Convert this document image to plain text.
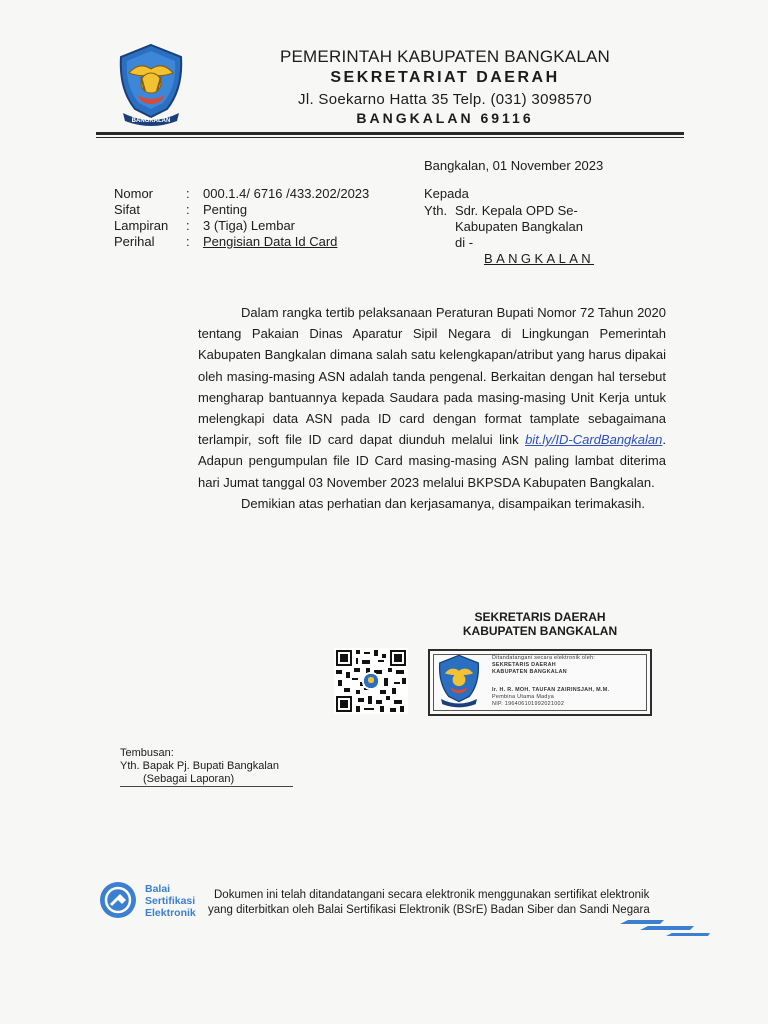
BANGKALAN
PEMERINTAH KABUPATEN BANGKALAN
SEKRETARIAT DAERAH
Jl. Soekarno Hatta 35 Telp. (031) 3098570
BANGKALAN 69116
Bangkalan, 01 November 2023
Nomor	: 000.1.4/ 6716 /433.202/2023
Sifat	: Penting
Lampiran : 3 (Tiga) Lembar
Perihal : Pengisian Data Id Card
Kepada
Yth. Sdr. Kepala OPD Se-
Kabupaten Bangkalan
di -
BANGKALAN

Dalam rangka tertib pelaksanaan Peraturan Bupati Nomor 72 Tahun 2020 tentang Pakaian Dinas Aparatur Sipil Negara di Lingkungan Pemerintah Kabupaten Bangkalan dimana salah satu kelengkapan/atribut yang harus dipakai oleh masing-masing ASN adalah tanda pengenal. Berkaitan dengan hal tersebut mengharap bantuannya kepada Saudara pada masing-masing Unit Kerja untuk melengkapi data ASN pada ID card dengan format tamplate sebagaimana terlampir, soft file ID card dapat diunduh melalui link bit.ly/ID-CardBangkalan. Adapun pengumpulan file ID Card masing-masing ASN paling lambat diterima hari Jumat tanggal 03 November 2023 melalui BKPSDA Kabupaten Bangkalan.

Demikian atas perhatian dan kerjasamanya, disampaikan terimakasih.

SEKRETARIS DAERAH
KABUPATEN BANGKALAN
Ditandatangani secara elektronik oleh:
SEKRETARIS DAERAH
KABUPATEN BANGKALAN
Ir. H. R. MOH. TAUFAN ZAIRINSJAH, M.M.
Pembina Utama Madya
NIP. 196406101992021002
Tembusan:
Yth. Bapak Pj. Bupati Bangkalan
(Sebagai Laporan)
Balai
Sertifikasi
Elektronik
Dokumen ini telah ditandatangani secara elektronik menggunakan sertifikat elektronik
yang diterbitkan oleh Balai Sertifikasi Elektronik (BSrE) Badan Siber dan Sandi Negara
